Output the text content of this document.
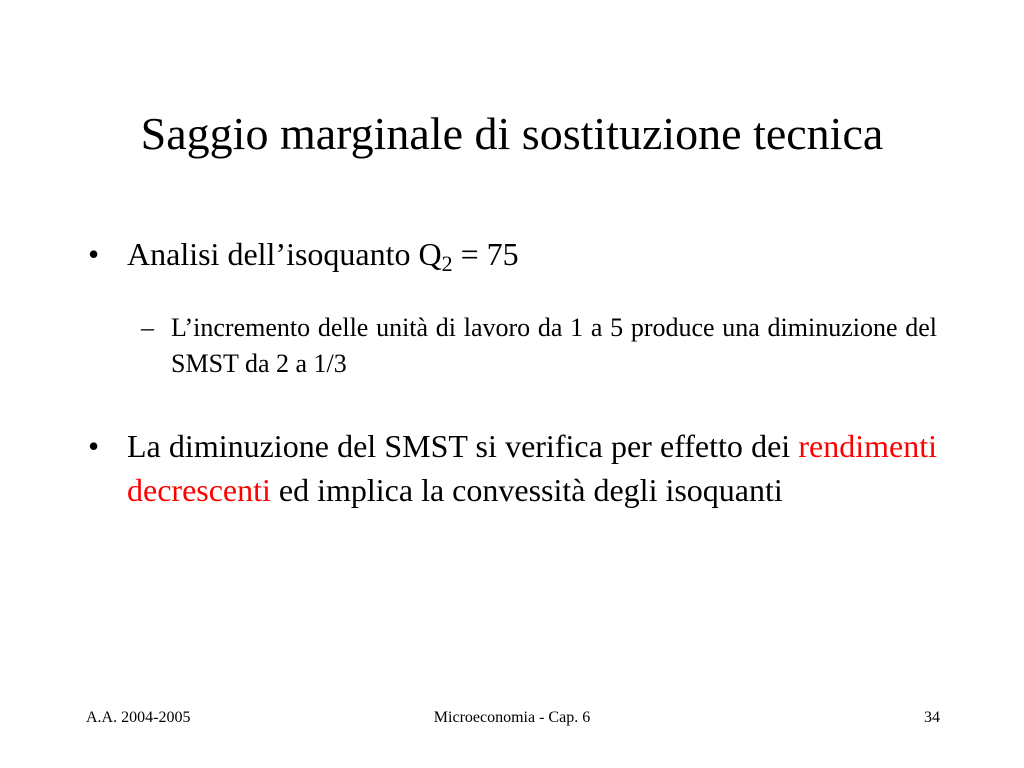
Saggio marginale di sostituzione tecnica
• Analisi dell’isoquanto $Q_2 = 75$
– L’incremento delle unità di lavoro da 1 a 5 produce una diminuzione del SMST da 2 a 1/3
• La diminuzione del SMST si verifica per effetto dei rendimenti decrescenti ed implica la convessità degli isoquanti
A.A. 2004-2005	Microeconomia - Cap. 6	34
